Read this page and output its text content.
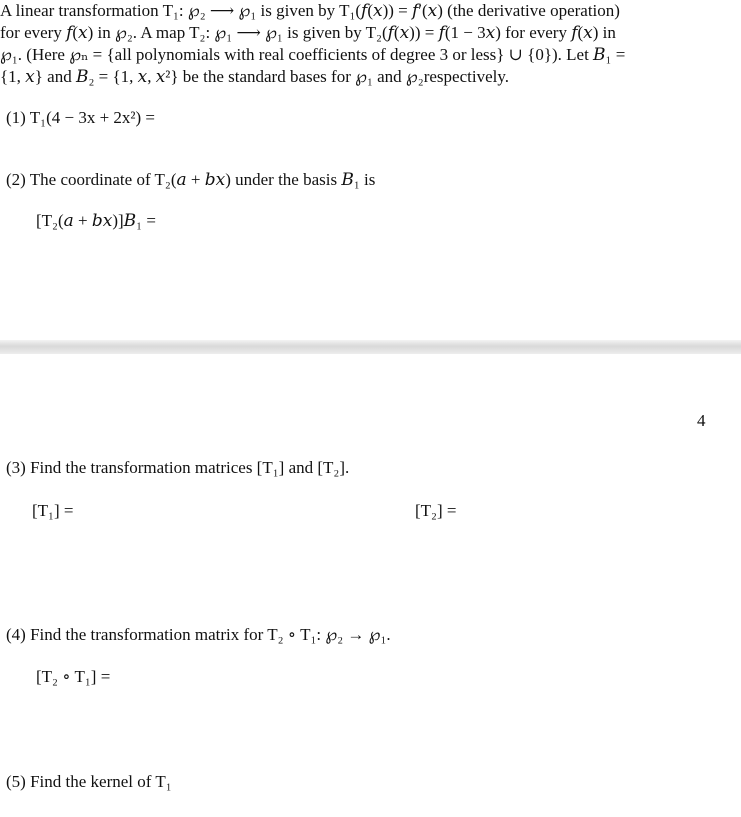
A linear transformation T₁: ℘₂ ⟶ ℘₁ is given by T₁(𝑓(𝑥)) = 𝑓′(𝑥) (the derivative operation)
for every 𝑓(𝑥) in ℘₂. A map T₂: ℘₁ ⟶ ℘₁ is given by T₂(𝑓(𝑥)) = 𝑓(1 − 3𝑥) for every 𝑓(𝑥) in
℘₁. (Here ℘ₙ = {all polynomials with real coefficients of degree 3 or less} ∪ {0}). Let 𝐵₁ =
{1, 𝑥} and 𝐵₂ = {1, 𝑥, 𝑥²} be the standard bases for ℘₁ and ℘₂respectively.
(1) T₁(4 − 3x + 2x²) =
(2) The coordinate of T₂(𝑎 + 𝑏𝑥) under the basis 𝐵₁ is
[T₂(𝑎 + 𝑏𝑥)]𝐵₁ =
4
(3) Find the transformation matrices [T₁] and [T₂].
[T₁] =	[T₂] =
(4) Find the transformation matrix for T₂ ∘ T₁: ℘₂ → ℘₁.
[T₂ ∘ T₁] =
(5) Find the kernel of T₁
